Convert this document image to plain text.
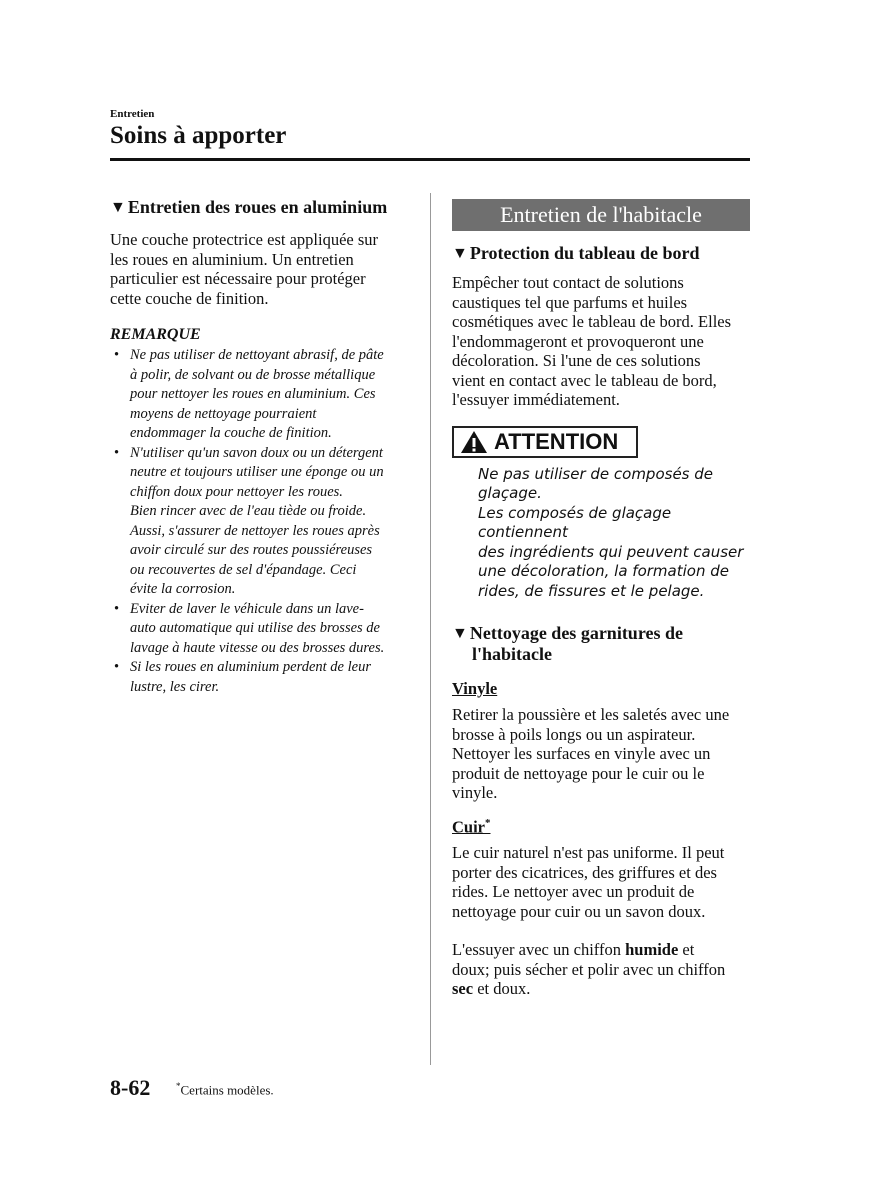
Entretien
Soins à apporter
▼ Entretien des roues en aluminium

Une couche protectrice est appliquée sur

les roues en aluminium. Un entretien

particulier est nécessaire pour protéger

cette couche de finition.

REMARQUE
• Ne pas utiliser de nettoyant abrasif, de pâte
à polir, de solvant ou de brosse métallique
pour nettoyer les roues en aluminium. Ces
moyens de nettoyage pourraient
endommager la couche de finition.
• N'utiliser qu'un savon doux ou un détergent
neutre et toujours utiliser une éponge ou un
chiffon doux pour nettoyer les roues.
Bien rincer avec de l'eau tiède ou froide.
Aussi, s'assurer de nettoyer les roues après
avoir circulé sur des routes poussiéreuses
ou recouvertes de sel d'épandage. Ceci
évite la corrosion.
• Eviter de laver le véhicule dans un lave-
auto automatique qui utilise des brosses de
lavage à haute vitesse ou des brosses dures.
• Si les roues en aluminium perdent de leur
lustre, les cirer.
Entretien de l'habitacle
▼ Protection du tableau de bord

Empêcher tout contact de solutions

caustiques tel que parfums et huiles

cosmétiques avec le tableau de bord. Elles

l'endommageront et provoqueront une

décoloration. Si l'une de ces solutions

vient en contact avec le tableau de bord,

l'essuyer immédiatement.

ATTENTION
Ne pas utiliser de composés de
glaçage.
Les composés de glaçage contiennent
des ingrédients qui peuvent causer
une décoloration, la formation de
rides, de fissures et le pelage.
▼ Nettoyage des garnitures de
l'habitacle
Vinyle

Retirer la poussière et les saletés avec une

brosse à poils longs ou un aspirateur.

Nettoyer les surfaces en vinyle avec un

produit de nettoyage pour le cuir ou le

vinyle.

Cuir*

Le cuir naturel n'est pas uniforme. Il peut

porter des cicatrices, des griffures et des

rides. Le nettoyer avec un produit de

nettoyage pour cuir ou un savon doux.

L'essuyer avec un chiffon humide et

doux; puis sécher et polir avec un chiffon

sec et doux.

8-62	*Certains modèles.
